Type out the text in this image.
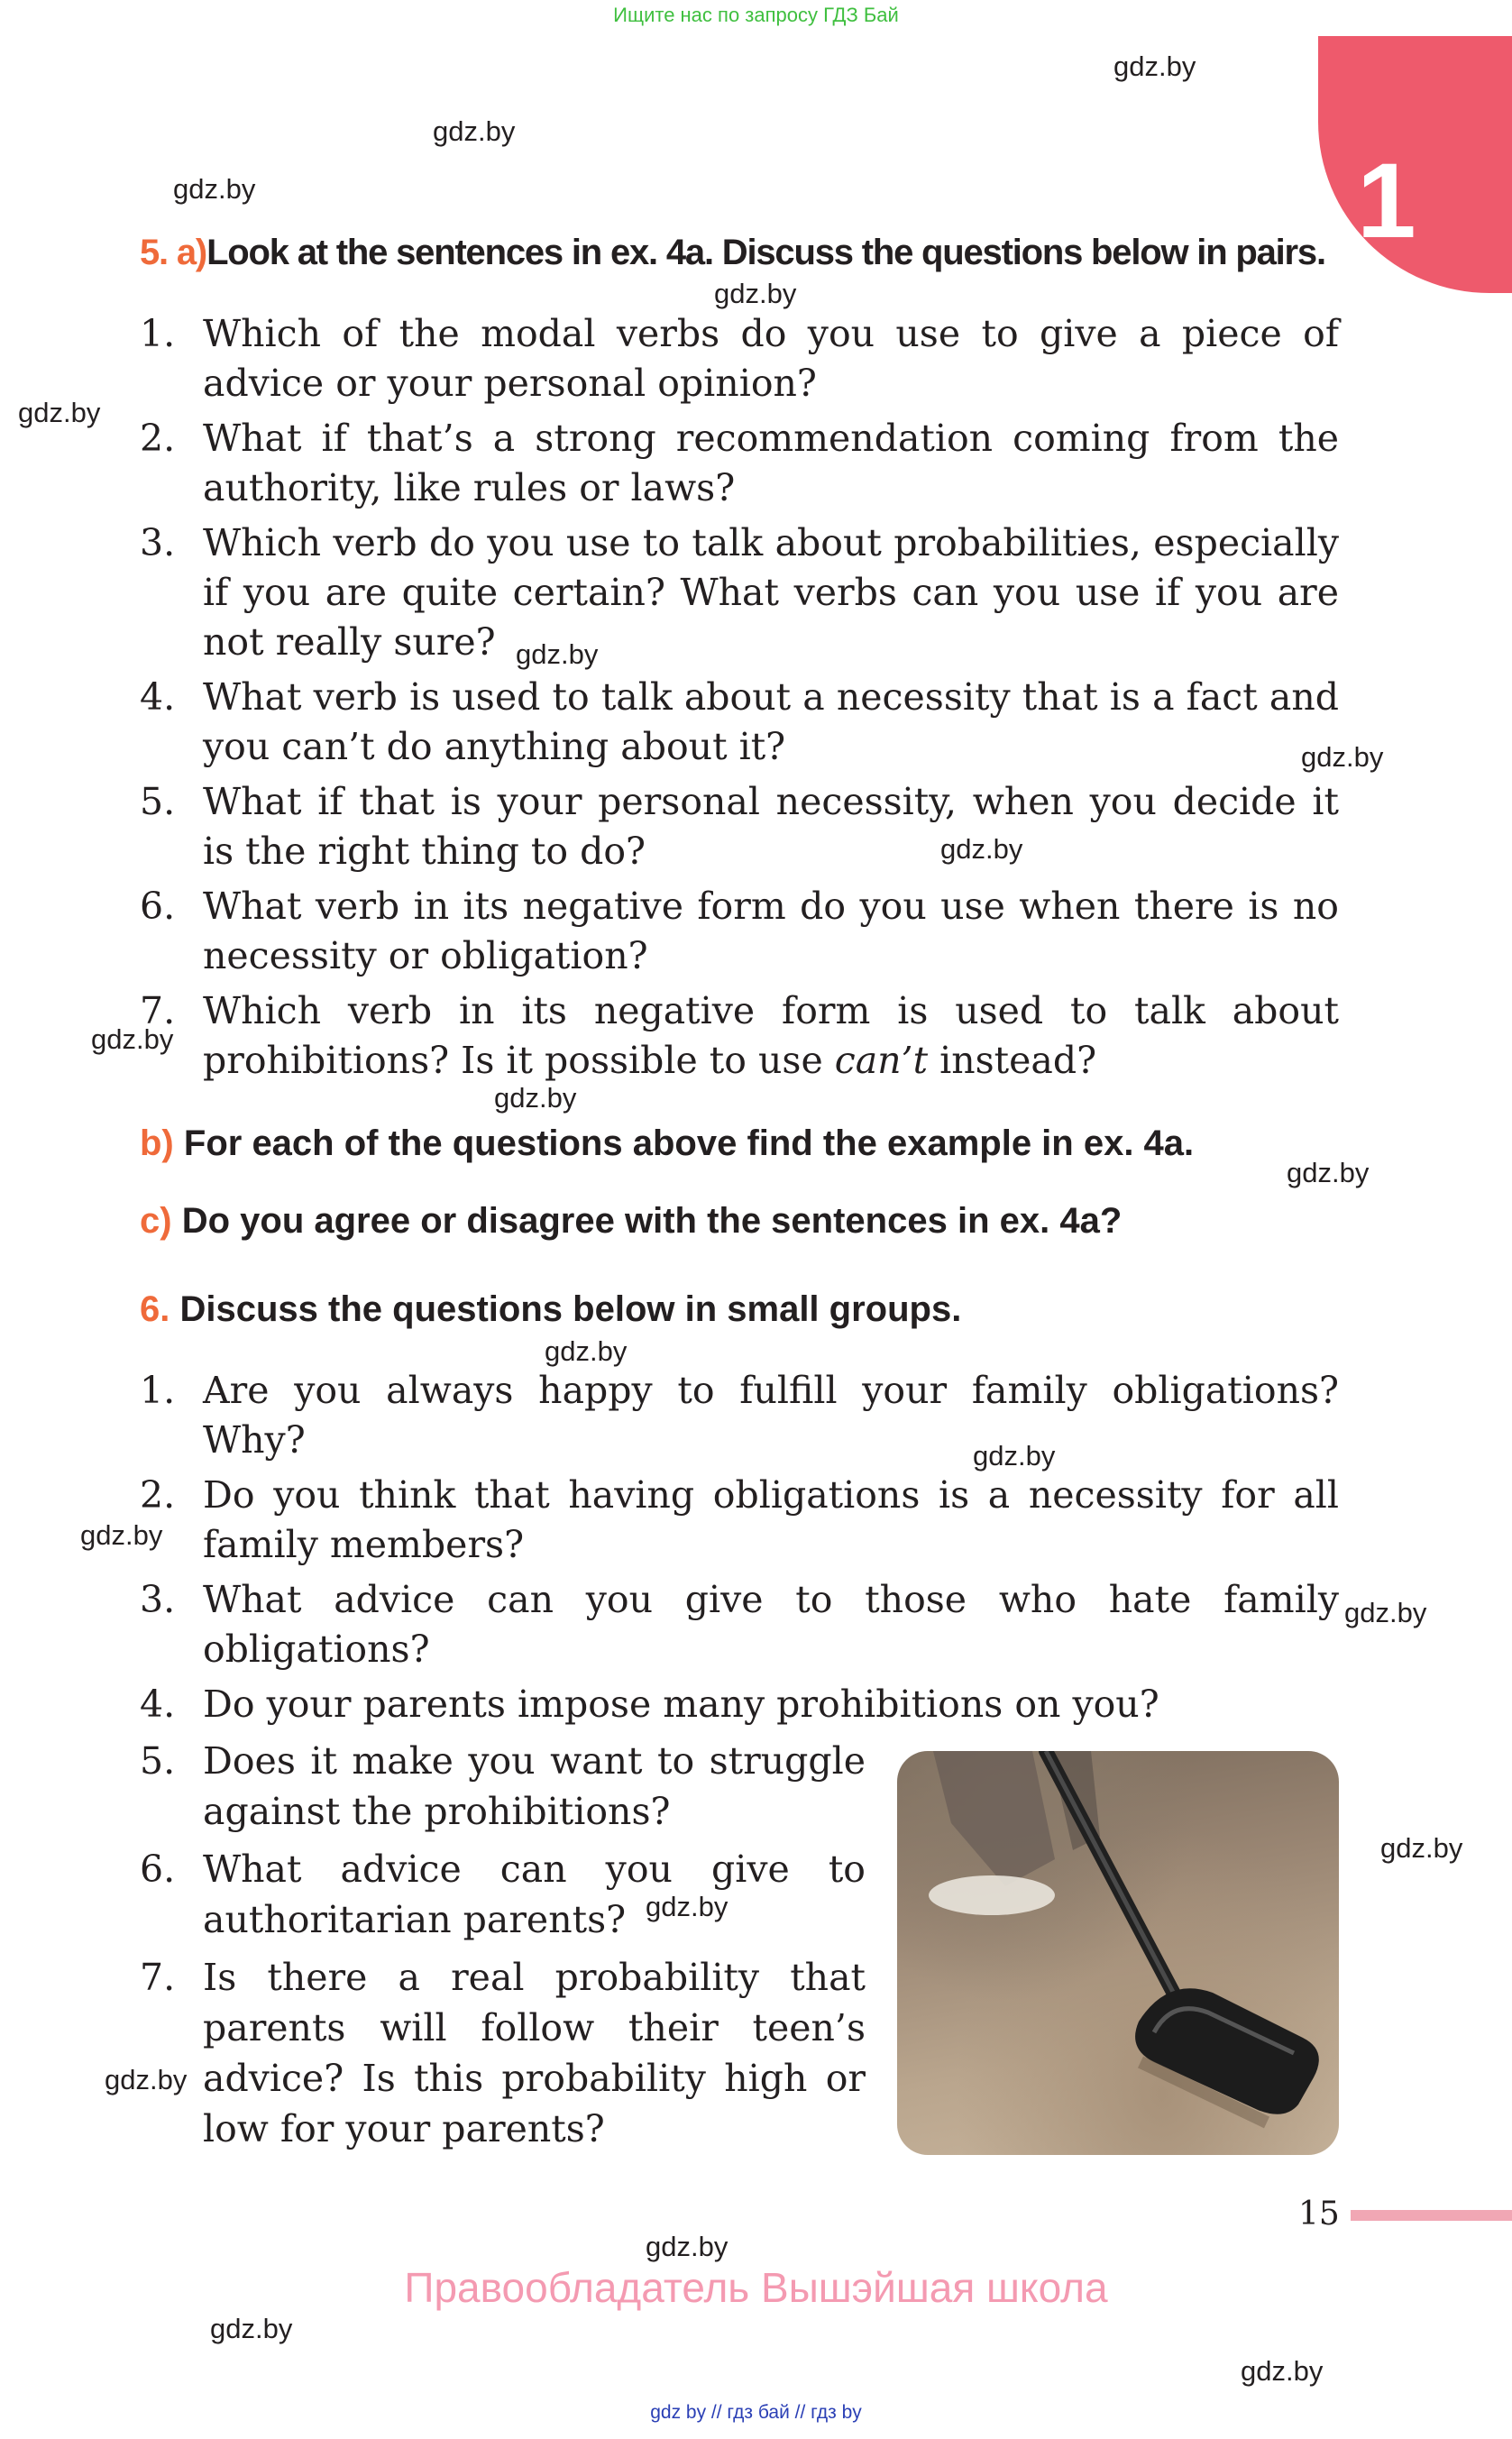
Ищите нас по запросу ГДЗ Бай
1
gdz.by
gdz.by
gdz.by
gdz.by
gdz.by
gdz.by
gdz.by
gdz.by
gdz.by
gdz.by
gdz.by
gdz.by
gdz.by
gdz.by
gdz.by
gdz.by
gdz.by
gdz.by
gdz.by
gdz.by
gdz.by
5. a)Look at the sentences in ex. 4a. Discuss the questions below in pairs.
1. Which of the modal verbs do you use to give a piece of advice or your personal opinion?
2. What if that’s a strong recommendation coming from the authority, like rules or laws?
3. Which verb do you use to talk about probabilities, especially if you are quite certain? What verbs can you use if you are not really sure?
4. What verb is used to talk about a necessity that is a fact and you can’t do anything about it?
5. What if that is your personal necessity, when you decide it is the right thing to do?
6. What verb in its negative form do you use when there is no necessity or obligation?
7. Which verb in its negative form is used to talk about prohibitions? Is it possible to use can’t instead?
b) For each of the questions above find the example in ex. 4a.
c) Do you agree or disagree with the sentences in ex. 4a?
6. Discuss the questions below in small groups.
1. Are you always happy to fulfill your family obligations? Why?
2. Do you think that having obligations is a necessity for all family members?
3. What advice can you give to those who hate family obligations?
4. Do your parents impose many prohibitions on you?
5. Does it make you want to struggle against the prohibitions?
6. What advice can you give to authoritarian parents?
7. Is there a real probability that parents will follow their teen’s advice? Is this probability high or low for your parents?
15
Правообладатель Вышэйшая школа
gdz by // гдз бай // гдз by
